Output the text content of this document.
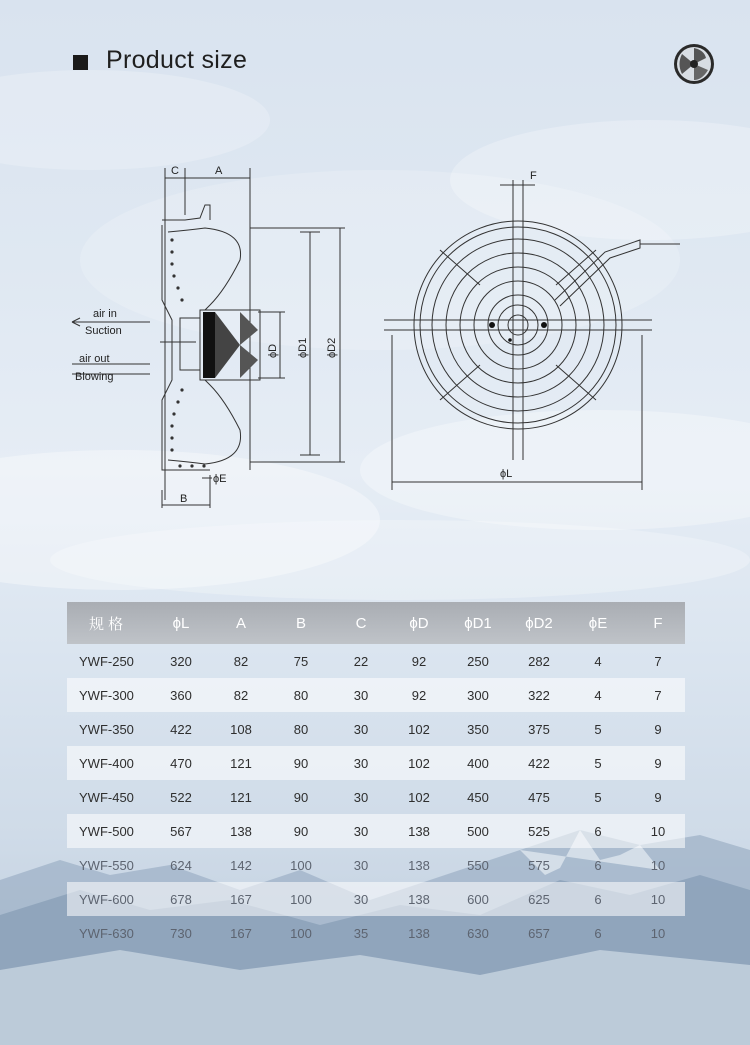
Product size
C	A
B
ϕE
F
ϕL
air in
Suction
air out
Blowing
ϕD ϕD1 ϕD2
规 格	ϕL	A	B	C	ϕD	ϕD1	ϕD2	ϕE	F
YWF-250	320	82	75	22	92	250	282	4	7
YWF-300	360	82	80	30	92	300	322	4	7
YWF-350	422	108	80	30	102	350	375	5	9
YWF-400	470	121	90	30	102	400	422	5	9
YWF-450	522	121	90	30	102	450	475	5	9
YWF-500	567	138	90	30	138	500	525	6	10
YWF-550	624	142	100	30	138	550	575	6	10
YWF-600	678	167	100	30	138	600	625	6	10
YWF-630	730	167	100	35	138	630	657	6	10
